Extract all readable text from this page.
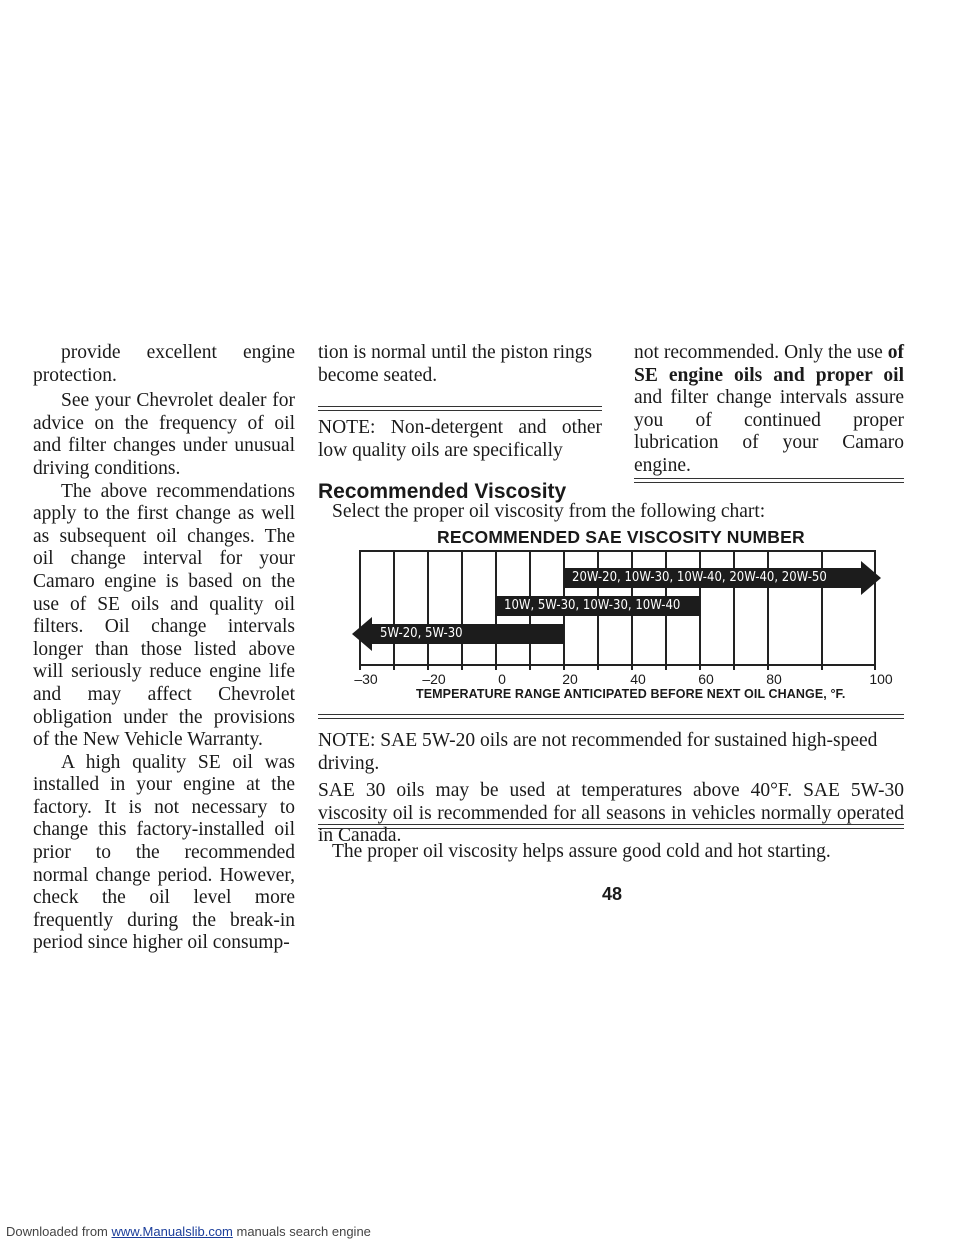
provide excellent engine protection.

See your Chevrolet dealer for advice on the frequency of oil and filter changes under unusual driving conditions.

The above recommendations apply to the first change as well as subsequent oil changes. The oil change interval for your Camaro engine is based on the use of SE oils and quality oil filters. Oil change intervals longer than those listed above will seriously reduce engine life and may affect Chevrolet obligation under the provisions of the New Vehicle Warranty.

A high quality SE oil was installed in your engine at the factory. It is not necessary to change this factory-installed oil prior to the recommended normal change period. However, check the oil level more frequently during the break-in period since higher oil consump-

tion is normal until the piston rings become seated.

NOTE: Non-detergent and other low quality oils are specifically

not recommended. Only the use of SE engine oils and proper oil and filter change intervals assure you of continued proper lubrication of your Camaro engine.

Recommended Viscosity
Select the proper oil viscosity from the following chart:
RECOMMENDED SAE VISCOSITY NUMBER
20W-20, 10W-30, 10W-40, 20W-40, 20W-50
10W, 5W-30, 10W-30, 10W-40
5W-20, 5W-30
–30	–20	0	20	40	60	80	100
TEMPERATURE RANGE ANTICIPATED BEFORE NEXT OIL CHANGE, °F.

NOTE: SAE 5W-20 oils are not recommended for sustained high-speed driving.

SAE 30 oils may be used at temperatures above 40°F. SAE 5W-30 viscosity oil is recommended for all seasons in vehicles normally operated in Canada.

The proper oil viscosity helps assure good cold and hot starting.
48
Downloaded from www.Manualslib.com manuals search engine
